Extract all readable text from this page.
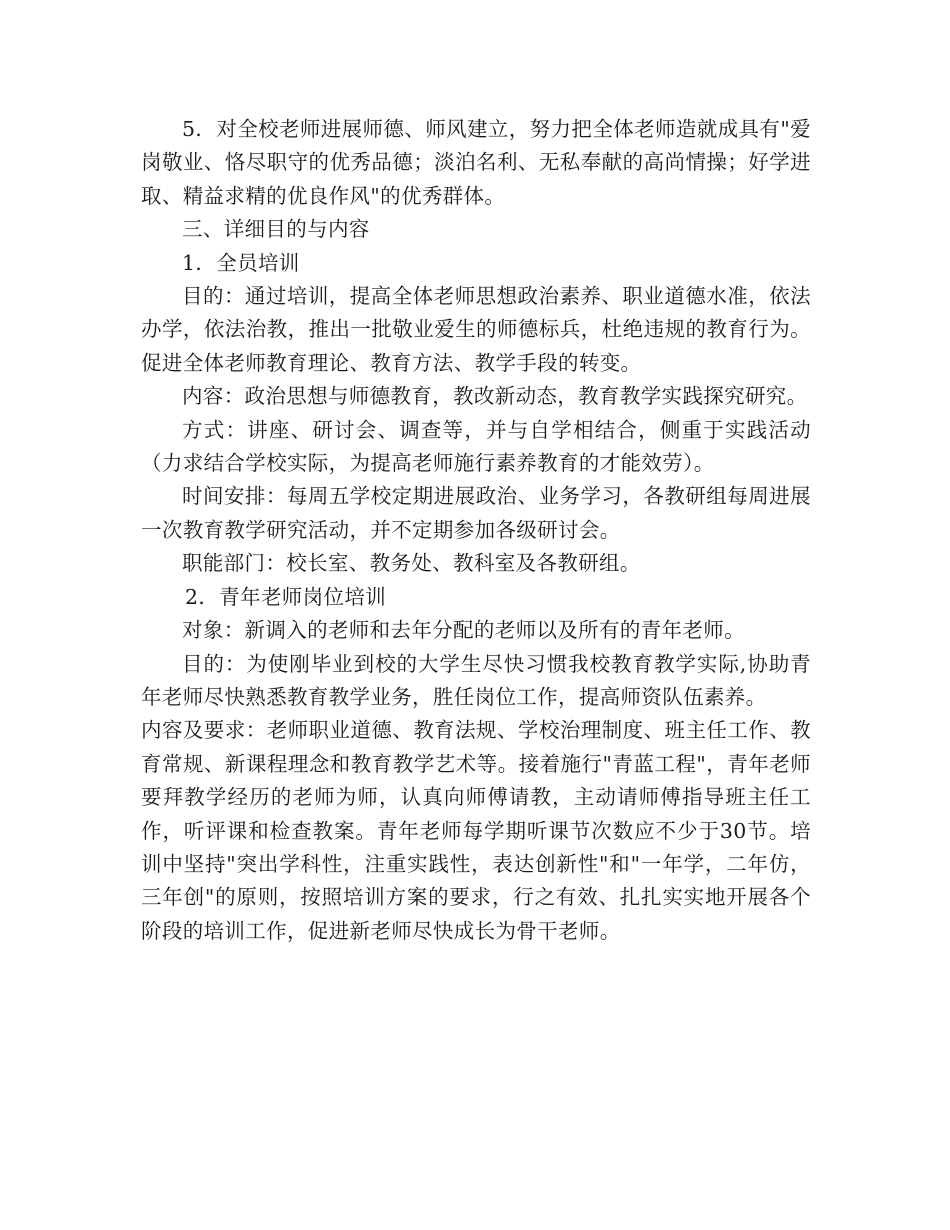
5．对全校老师进展师德、师风建立，努力把全体老师造就成具有"爱岗敬业、恪尽职守的优秀品德；淡泊名利、无私奉献的高尚情操；好学进取、精益求精的优良作风"的优秀群体。

三、详细目的与内容

1．全员培训

目的：通过培训，提高全体老师思想政治素养、职业道德水准，依法办学，依法治教，推出一批敬业爱生的师德标兵，杜绝违规的教育行为。促进全体老师教育理论、教育方法、教学手段的转变。

内容：政治思想与师德教育，教改新动态，教育教学实践探究研究。

方式：讲座、研讨会、调查等，并与自学相结合，侧重于实践活动（力求结合学校实际，为提高老师施行素养教育的才能效劳）。

时间安排：每周五学校定期进展政治、业务学习，各教研组每周进展一次教育教学研究活动，并不定期参加各级研讨会。

职能部门：校长室、教务处、教科室及各教研组。

2．青年老师岗位培训

对象：新调入的老师和去年分配的老师以及所有的青年老师。

目的：为使刚毕业到校的大学生尽快习惯我校教育教学实际,协助青年老师尽快熟悉教育教学业务，胜任岗位工作，提高师资队伍素养。

内容及要求：老师职业道德、教育法规、学校治理制度、班主任工作、教育常规、新课程理念和教育教学艺术等。接着施行"青蓝工程"，青年老师要拜教学经历的老师为师，认真向师傅请教，主动请师傅指导班主任工作，听评课和检查教案。青年老师每学期听课节次数应不少于30节。培训中坚持"突出学科性，注重实践性，表达创新性"和"一年学，二年仿，三年创"的原则，按照培训方案的要求，行之有效、扎扎实实地开展各个阶段的培训工作，促进新老师尽快成长为骨干老师。
